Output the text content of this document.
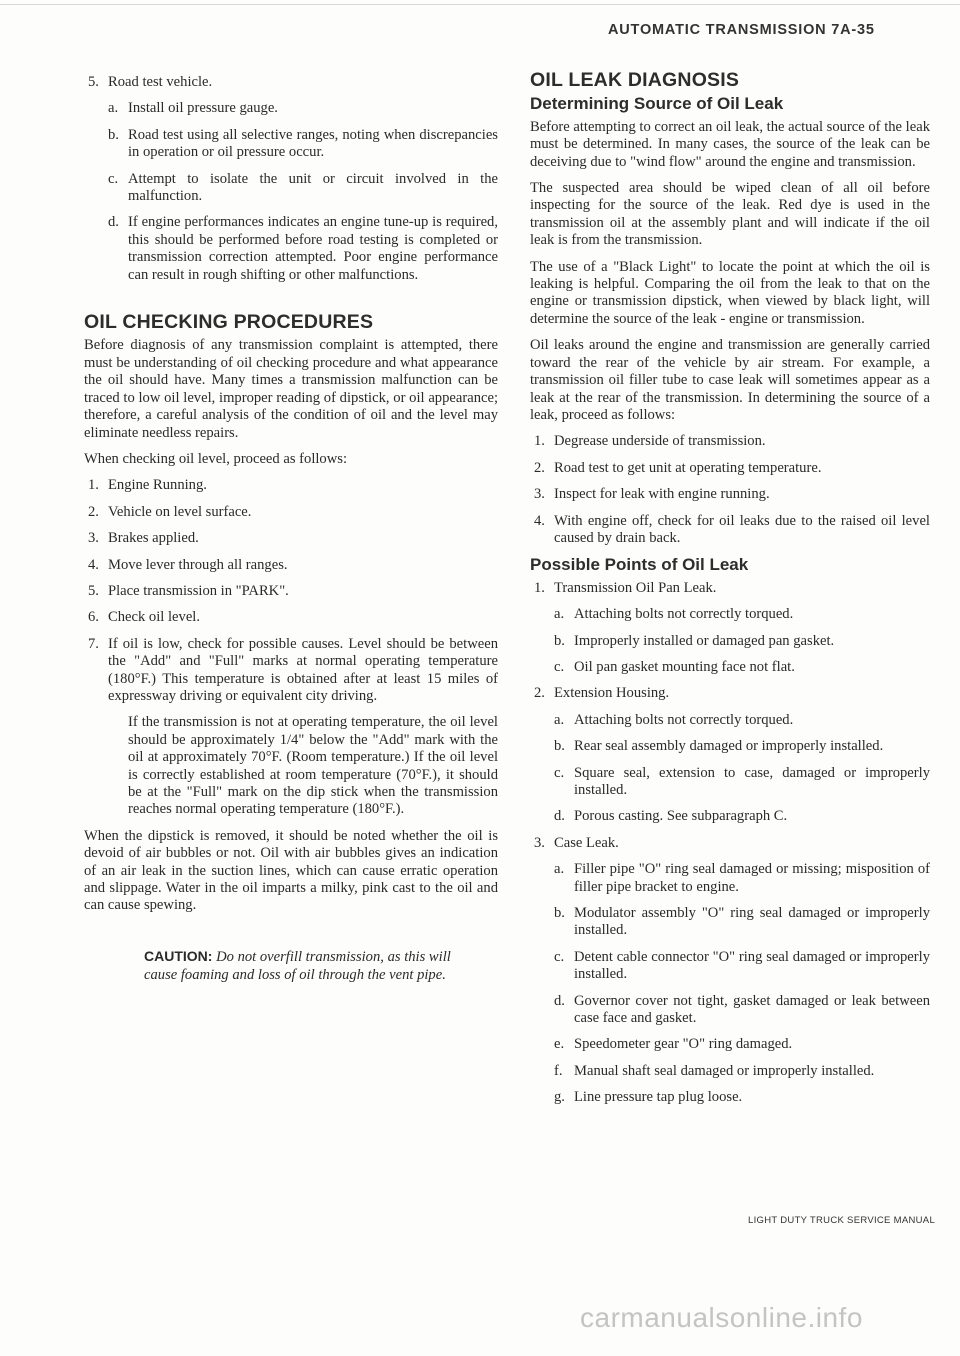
AUTOMATIC TRANSMISSION 7A-35
5. Road test vehicle.
a. Install oil pressure gauge.
b. Road test using all selective ranges, noting when discrepancies in operation or oil pressure occur.
c. Attempt to isolate the unit or circuit involved in the malfunction.
d. If engine performances indicates an engine tune-up is required, this should be performed before road testing is completed or transmission correction attempted. Poor engine performance can result in rough shifting or other malfunctions.
OIL CHECKING PROCEDURES

Before diagnosis of any transmission complaint is attempted, there must be understanding of oil checking procedure and what appearance the oil should have. Many times a transmission malfunction can be traced to low oil level, improper reading of dipstick, or oil appearance; therefore, a careful analysis of the condition of oil and the level may eliminate needless repairs.

When checking oil level, proceed as follows:

1. Engine Running.
2. Vehicle on level surface.
3. Brakes applied.
4. Move lever through all ranges.
5. Place transmission in "PARK".
6. Check oil level.
7. If oil is low, check for possible causes. Level should be between the "Add" and "Full" marks at normal operating temperature (180°F.) This temperature is obtained after at least 15 miles of expressway driving or equivalent city driving.

If the transmission is not at operating temperature, the oil level should be approximately 1/4" below the "Add" mark with the oil at approximately 70°F. (Room temperature.) If the oil level is correctly established at room temperature (70°F.), it should be at the "Full" mark on the dip stick when the transmission reaches normal operating temperature (180°F.).

When the dipstick is removed, it should be noted whether the oil is devoid of air bubbles or not. Oil with air bubbles gives an indication of an air leak in the suction lines, which can cause erratic operation and slippage. Water in the oil imparts a milky, pink cast to the oil and can cause spewing.

CAUTION: Do not overfill transmission, as this will cause foaming and loss of oil through the vent pipe.
OIL LEAK DIAGNOSIS
Determining Source of Oil Leak

Before attempting to correct an oil leak, the actual source of the leak must be determined. In many cases, the source of the leak can be deceiving due to "wind flow" around the engine and transmission.

The suspected area should be wiped clean of all oil before inspecting for the source of the leak. Red dye is used in the transmission oil at the assembly plant and will indicate if the oil leak is from the transmission.

The use of a "Black Light" to locate the point at which the oil is leaking is helpful. Comparing the oil from the leak to that on the engine or transmission dipstick, when viewed by black light, will determine the source of the leak - engine or transmission.

Oil leaks around the engine and transmission are generally carried toward the rear of the vehicle by air stream. For example, a transmission oil filler tube to case leak will sometimes appear as a leak at the rear of the transmission. In determining the source of a leak, proceed as follows:

1. Degrease underside of transmission.
2. Road test to get unit at operating temperature.
3. Inspect for leak with engine running.
4. With engine off, check for oil leaks due to the raised oil level caused by drain back.
Possible Points of Oil Leak
1. Transmission Oil Pan Leak.
a. Attaching bolts not correctly torqued.
b. Improperly installed or damaged pan gasket.
c. Oil pan gasket mounting face not flat.
2. Extension Housing.
a. Attaching bolts not correctly torqued.
b. Rear seal assembly damaged or improperly installed.
c. Square seal, extension to case, damaged or improperly installed.
d. Porous casting. See subparagraph C.
3. Case Leak.
a. Filler pipe "O" ring seal damaged or missing; misposition of filler pipe bracket to engine.
b. Modulator assembly "O" ring seal damaged or improperly installed.
c. Detent cable connector "O" ring seal damaged or improperly installed.
d. Governor cover not tight, gasket damaged or leak between case face and gasket.
e. Speedometer gear "O" ring damaged.
f. Manual shaft seal damaged or improperly installed.
g. Line pressure tap plug loose.
LIGHT DUTY TRUCK SERVICE MANUAL
carmanualsonline.info
